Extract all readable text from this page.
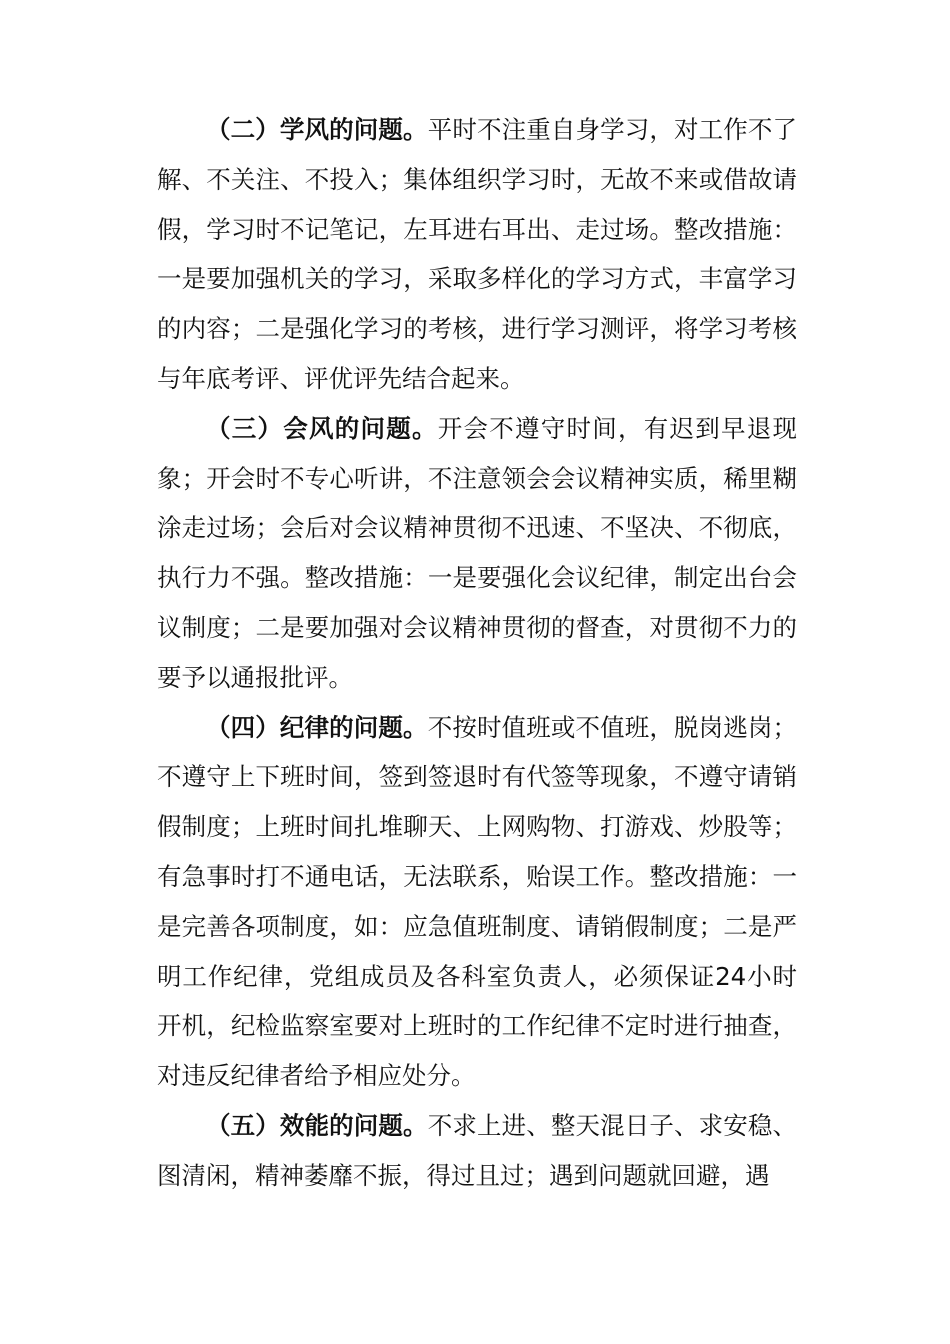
（二）学风的问题。平时不注重自身学习，对工作不了解、不关注、不投入；集体组织学习时，无故不来或借故请假，学习时不记笔记，左耳进右耳出、走过场。整改措施：一是要加强机关的学习，采取多样化的学习方式，丰富学习的内容；二是强化学习的考核，进行学习测评，将学习考核与年底考评、评优评先结合起来。

（三）会风的问题。开会不遵守时间，有迟到早退现象；开会时不专心听讲，不注意领会会议精神实质，稀里糊涂走过场；会后对会议精神贯彻不迅速、不坚决、不彻底，执行力不强。整改措施：一是要强化会议纪律，制定出台会议制度；二是要加强对会议精神贯彻的督查，对贯彻不力的要予以通报批评。

（四）纪律的问题。不按时值班或不值班，脱岗逃岗；不遵守上下班时间，签到签退时有代签等现象，不遵守请销假制度；上班时间扎堆聊天、上网购物、打游戏、炒股等；有急事时打不通电话，无法联系，贻误工作。整改措施：一是完善各项制度，如：应急值班制度、请销假制度；二是严明工作纪律，党组成员及各科室负责人，必须保证24小时开机，纪检监察室要对上班时的工作纪律不定时进行抽查，对违反纪律者给予相应处分。

（五）效能的问题。不求上进、整天混日子、求安稳、图清闲，精神萎靡不振，得过且过；遇到问题就回避，遇
